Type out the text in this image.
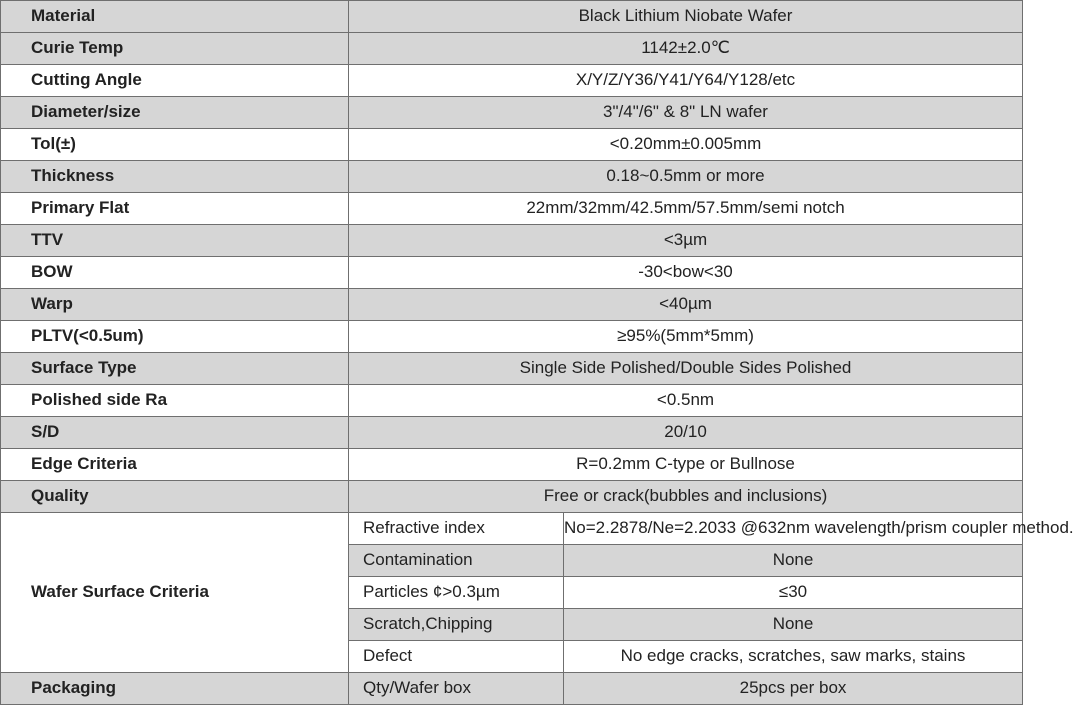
Material	Black Lithium Niobate Wafer	
Curie Temp	1142±2.0℃	
Cutting Angle	X/Y/Z/Y36/Y41/Y64/Y128/etc	
Diameter/size	3"/4"/6" & 8" LN wafer	
Tol(±)	<0.20mm±0.005mm	
Thickness	0.18~0.5mm or more	
Primary Flat	22mm/32mm/42.5mm/57.5mm/semi notch	
TTV	<3µm	
BOW	-30<bow<30	
Warp	<40µm	
PLTV(<0.5um)	≥95%(5mm*5mm)	
Surface Type	Single Side Polished/Double Sides Polished	
Polished side Ra	<0.5nm	
S/D	20/10	
Edge Criteria	R=0.2mm C-type or Bullnose	
Quality	Free or crack(bubbles and inclusions)	
Wafer Surface Criteria	Refractive index	No=2.2878/Ne=2.2033 @632nm wavelength/prism coupler method.
	Contamination	None
	Particles ¢>0.3µm	≤30
	Scratch,Chipping	None
	Defect	No edge cracks, scratches, saw marks, stains
Packaging	Qty/Wafer box	25pcs per box
